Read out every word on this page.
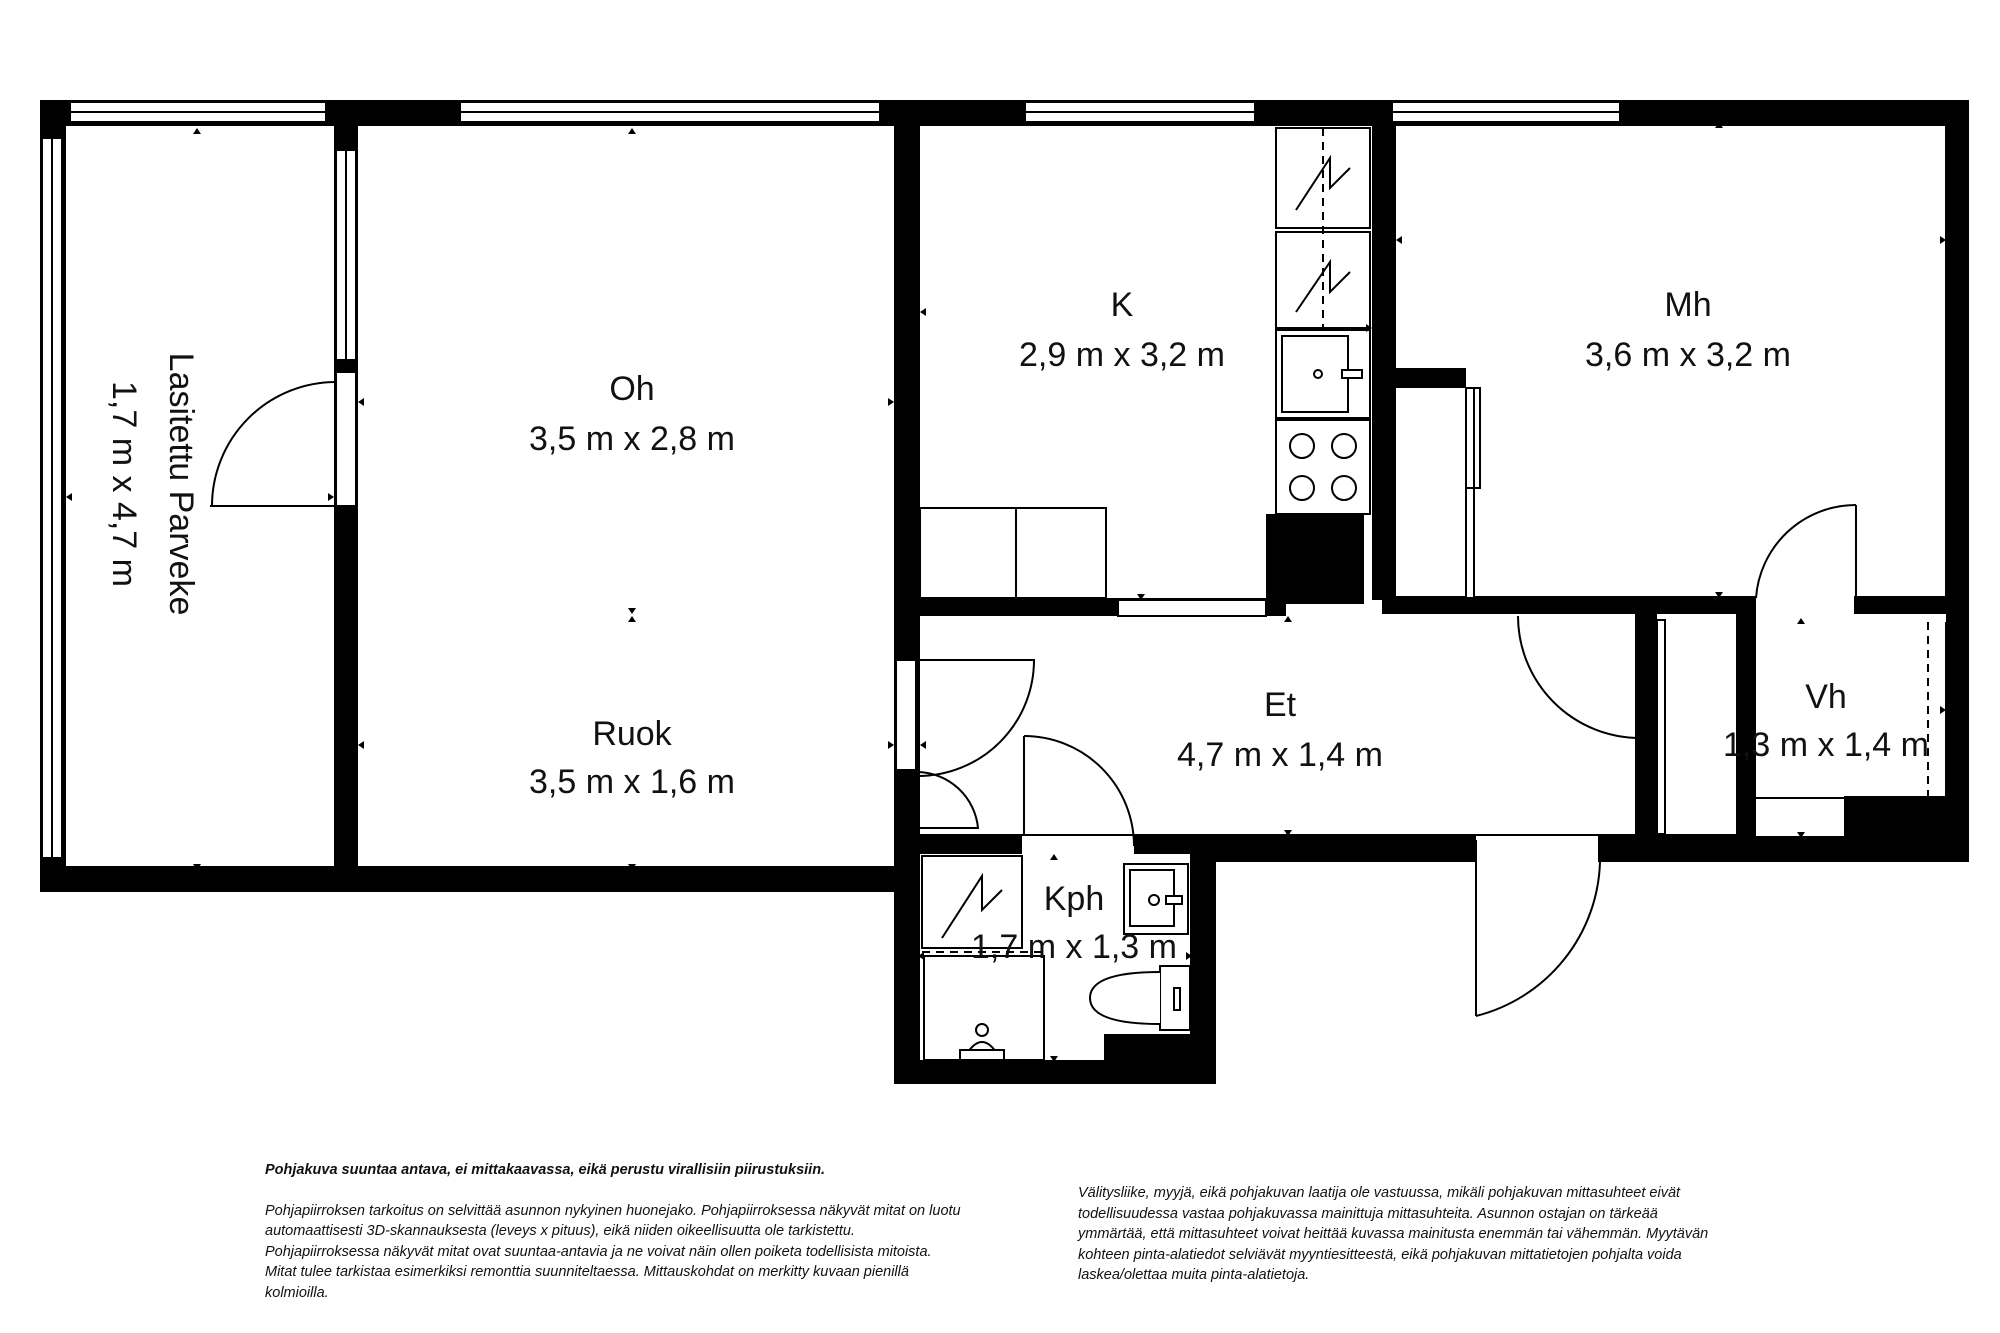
Lasitettu Parveke
1,7 m x 4,7 m	Oh
3,5 m x 2,8 m
Ruok
3,5 m x 1,6 m
K
2,9 m x 3,2 m
Mh
3,6 m x 3,2 m
Et
4,7 m x 1,4 m
Vh
1,3 m x 1,4 m
Kph
1,7 m x 1,3 m

Pohjakuva suuntaa antava, ei mittakaavassa, eikä perustu virallisiin piirustuksiin.

Pohjapiirroksen tarkoitus on selvittää asunnon nykyinen huonejako. Pohjapiirroksessa näkyvät mitat on luotu automaattisesti 3D-skannauksesta (leveys x pituus), eikä niiden oikeellisuutta ole tarkistettu. Pohjapiirroksessa näkyvät mitat ovat suuntaa-antavia ja ne voivat näin ollen poiketa todellisista mitoista. Mitat tulee tarkistaa esimerkiksi remonttia suunniteltaessa. Mittauskohdat on merkitty kuvaan pienillä kolmioilla.

Välitysliike, myyjä, eikä pohjakuvan laatija ole vastuussa, mikäli pohjakuvan mittasuhteet eivät todellisuudessa vastaa pohjakuvassa mainittuja mittasuhteita. Asunnon ostajan on tärkeää ymmärtää, että mittasuhteet voivat heittää kuvassa mainitusta enemmän tai vähemmän. Myytävän kohteen pinta-alatiedot selviävät myyntiesitteestä, eikä pohjakuvan mittatietojen pohjalta voida laskea/olettaa muita pinta-alatietoja.
